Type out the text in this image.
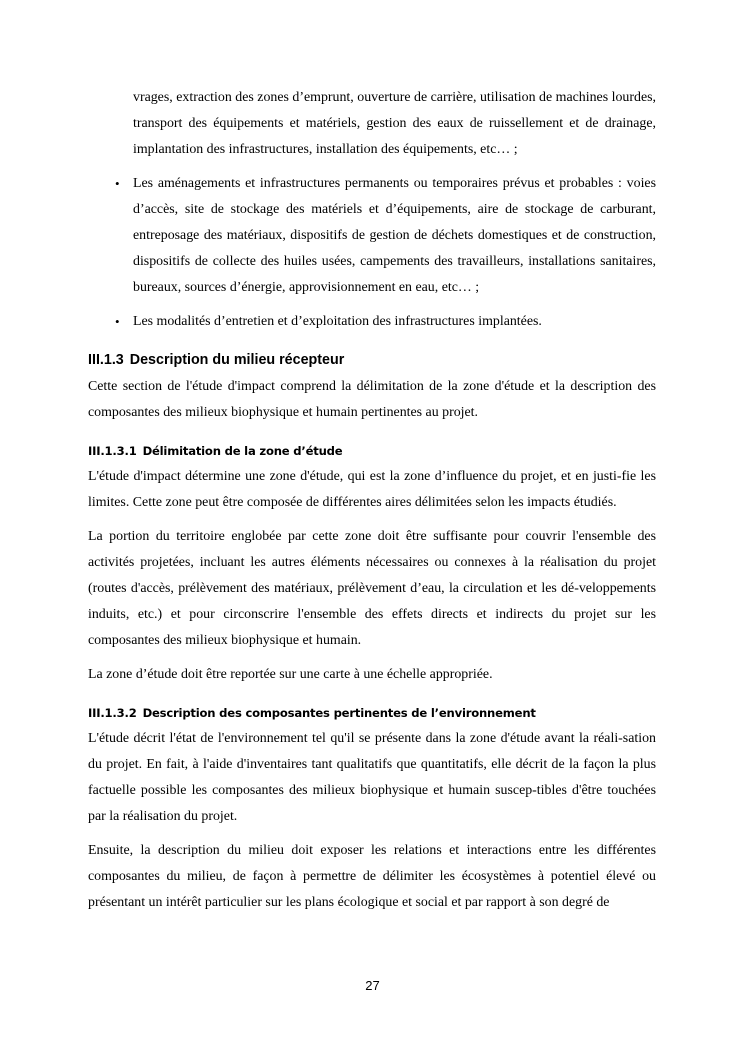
vrages, extraction des zones d’emprunt, ouverture de carrière, utilisation de machines lourdes, transport des équipements et matériels, gestion des eaux de ruissellement et de drainage, implantation des infrastructures, installation des équipements, etc… ;

• Les aménagements et infrastructures permanents ou temporaires prévus et probables : voies d’accès, site de stockage des matériels et d’équipements, aire de stockage de carburant, entreposage des matériaux, dispositifs de gestion de déchets domestiques et de construction, dispositifs de collecte des huiles usées, campements des travailleurs, installations sanitaires, bureaux, sources d’énergie, approvisionnement en eau, etc… ;

• Les modalités d’entretien et d’exploitation des infrastructures implantées.

III.1.3 Description du milieu récepteur

Cette section de l'étude d'impact comprend la délimitation de la zone d'étude et la description des composantes des milieux biophysique et humain pertinentes au projet.

III.1.3.1 Délimitation de la zone d’étude

L'étude d'impact détermine une zone d'étude, qui est la zone d’influence du projet, et en justi-fie les limites. Cette zone peut être composée de différentes aires délimitées selon les impacts étudiés.

La portion du territoire englobée par cette zone doit être suffisante pour couvrir l'ensemble des activités projetées, incluant les autres éléments nécessaires ou connexes à la réalisation du projet (routes d'accès, prélèvement des matériaux, prélèvement d’eau, la circulation et les dé-veloppements induits, etc.) et pour circonscrire l'ensemble des effets directs et indirects du projet sur les composantes des milieux biophysique et humain.

La zone d’étude doit être reportée sur une carte à une échelle appropriée.

III.1.3.2 Description des composantes pertinentes de l’environnement

L'étude décrit l'état de l'environnement tel qu'il se présente dans la zone d'étude avant la réali-sation du projet. En fait, à l'aide d'inventaires tant qualitatifs que quantitatifs, elle décrit de la façon la plus factuelle possible les composantes des milieux biophysique et humain suscep-tibles d'être touchées par la réalisation du projet.

Ensuite, la description du milieu doit exposer les relations et interactions entre les différentes composantes du milieu, de façon à permettre de délimiter les écosystèmes à potentiel élevé ou présentant un intérêt particulier sur les plans écologique et social et par rapport à son degré de

27
